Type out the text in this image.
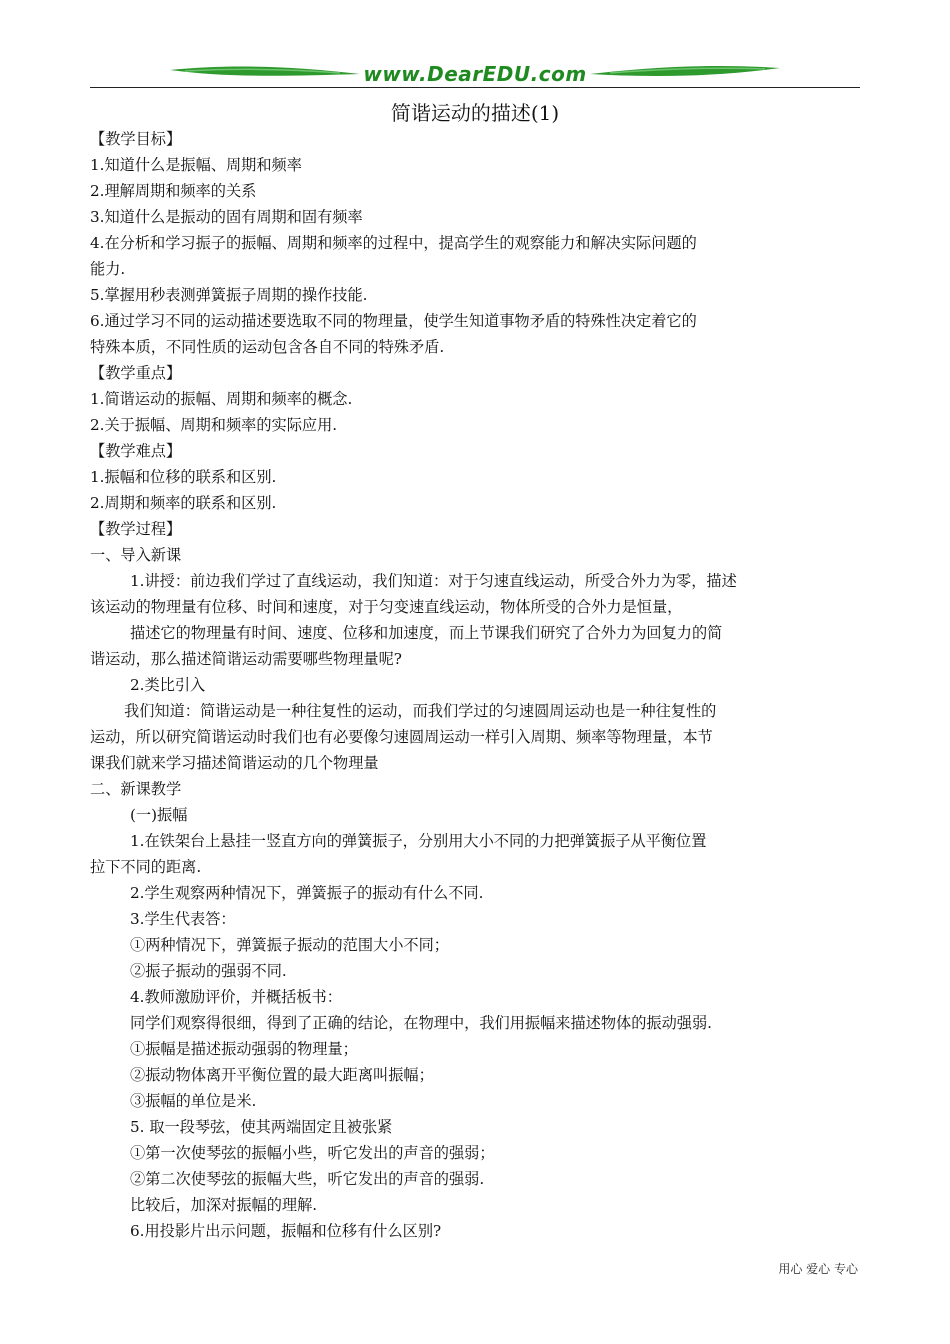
www.DearEDU.com
简谐运动的描述(1)
【教学目标】
1.知道什么是振幅、周期和频率
2.理解周期和频率的关系
3.知道什么是振动的固有周期和固有频率
4.在分析和学习振子的振幅、周期和频率的过程中，提高学生的观察能力和解决实际问题的
能力.
5.掌握用秒表测弹簧振子周期的操作技能.
6.通过学习不同的运动描述要选取不同的物理量，使学生知道事物矛盾的特殊性决定着它的
特殊本质，不同性质的运动包含各自不同的特殊矛盾.
【教学重点】
1.简谐运动的振幅、周期和频率的概念.
2.关于振幅、周期和频率的实际应用.
【教学难点】
1.振幅和位移的联系和区别.
2.周期和频率的联系和区别.
【教学过程】
一、导入新课
1.讲授：前边我们学过了直线运动，我们知道：对于匀速直线运动，所受合外力为零，描述
该运动的物理量有位移、时间和速度，对于匀变速直线运动，物体所受的合外力是恒量，
描述它的物理量有时间、速度、位移和加速度，而上节课我们研究了合外力为回复力的简
谐运动，那么描述简谐运动需要哪些物理量呢?
2.类比引入
我们知道：简谐运动是一种往复性的运动，而我们学过的匀速圆周运动也是一种往复性的
运动，所以研究简谐运动时我们也有必要像匀速圆周运动一样引入周期、频率等物理量，本节
课我们就来学习描述简谐运动的几个物理量
二、新课教学
(一)振幅
1.在铁架台上悬挂一竖直方向的弹簧振子，分别用大小不同的力把弹簧振子从平衡位置
拉下不同的距离.
2.学生观察两种情况下，弹簧振子的振动有什么不同.
3.学生代表答：
①两种情况下，弹簧振子振动的范围大小不同；
②振子振动的强弱不同.
4.教师激励评价，并概括板书：
同学们观察得很细，得到了正确的结论，在物理中，我们用振幅来描述物体的振动强弱.
①振幅是描述振动强弱的物理量；
②振动物体离开平衡位置的最大距离叫振幅；
③振幅的单位是米.
5. 取一段琴弦，使其两端固定且被张紧
①第一次使琴弦的振幅小些，听它发出的声音的强弱；
②第二次使琴弦的振幅大些，听它发出的声音的强弱.
比较后，加深对振幅的理解.
6.用投影片出示问题，振幅和位移有什么区别?
用心 爱心 专心
